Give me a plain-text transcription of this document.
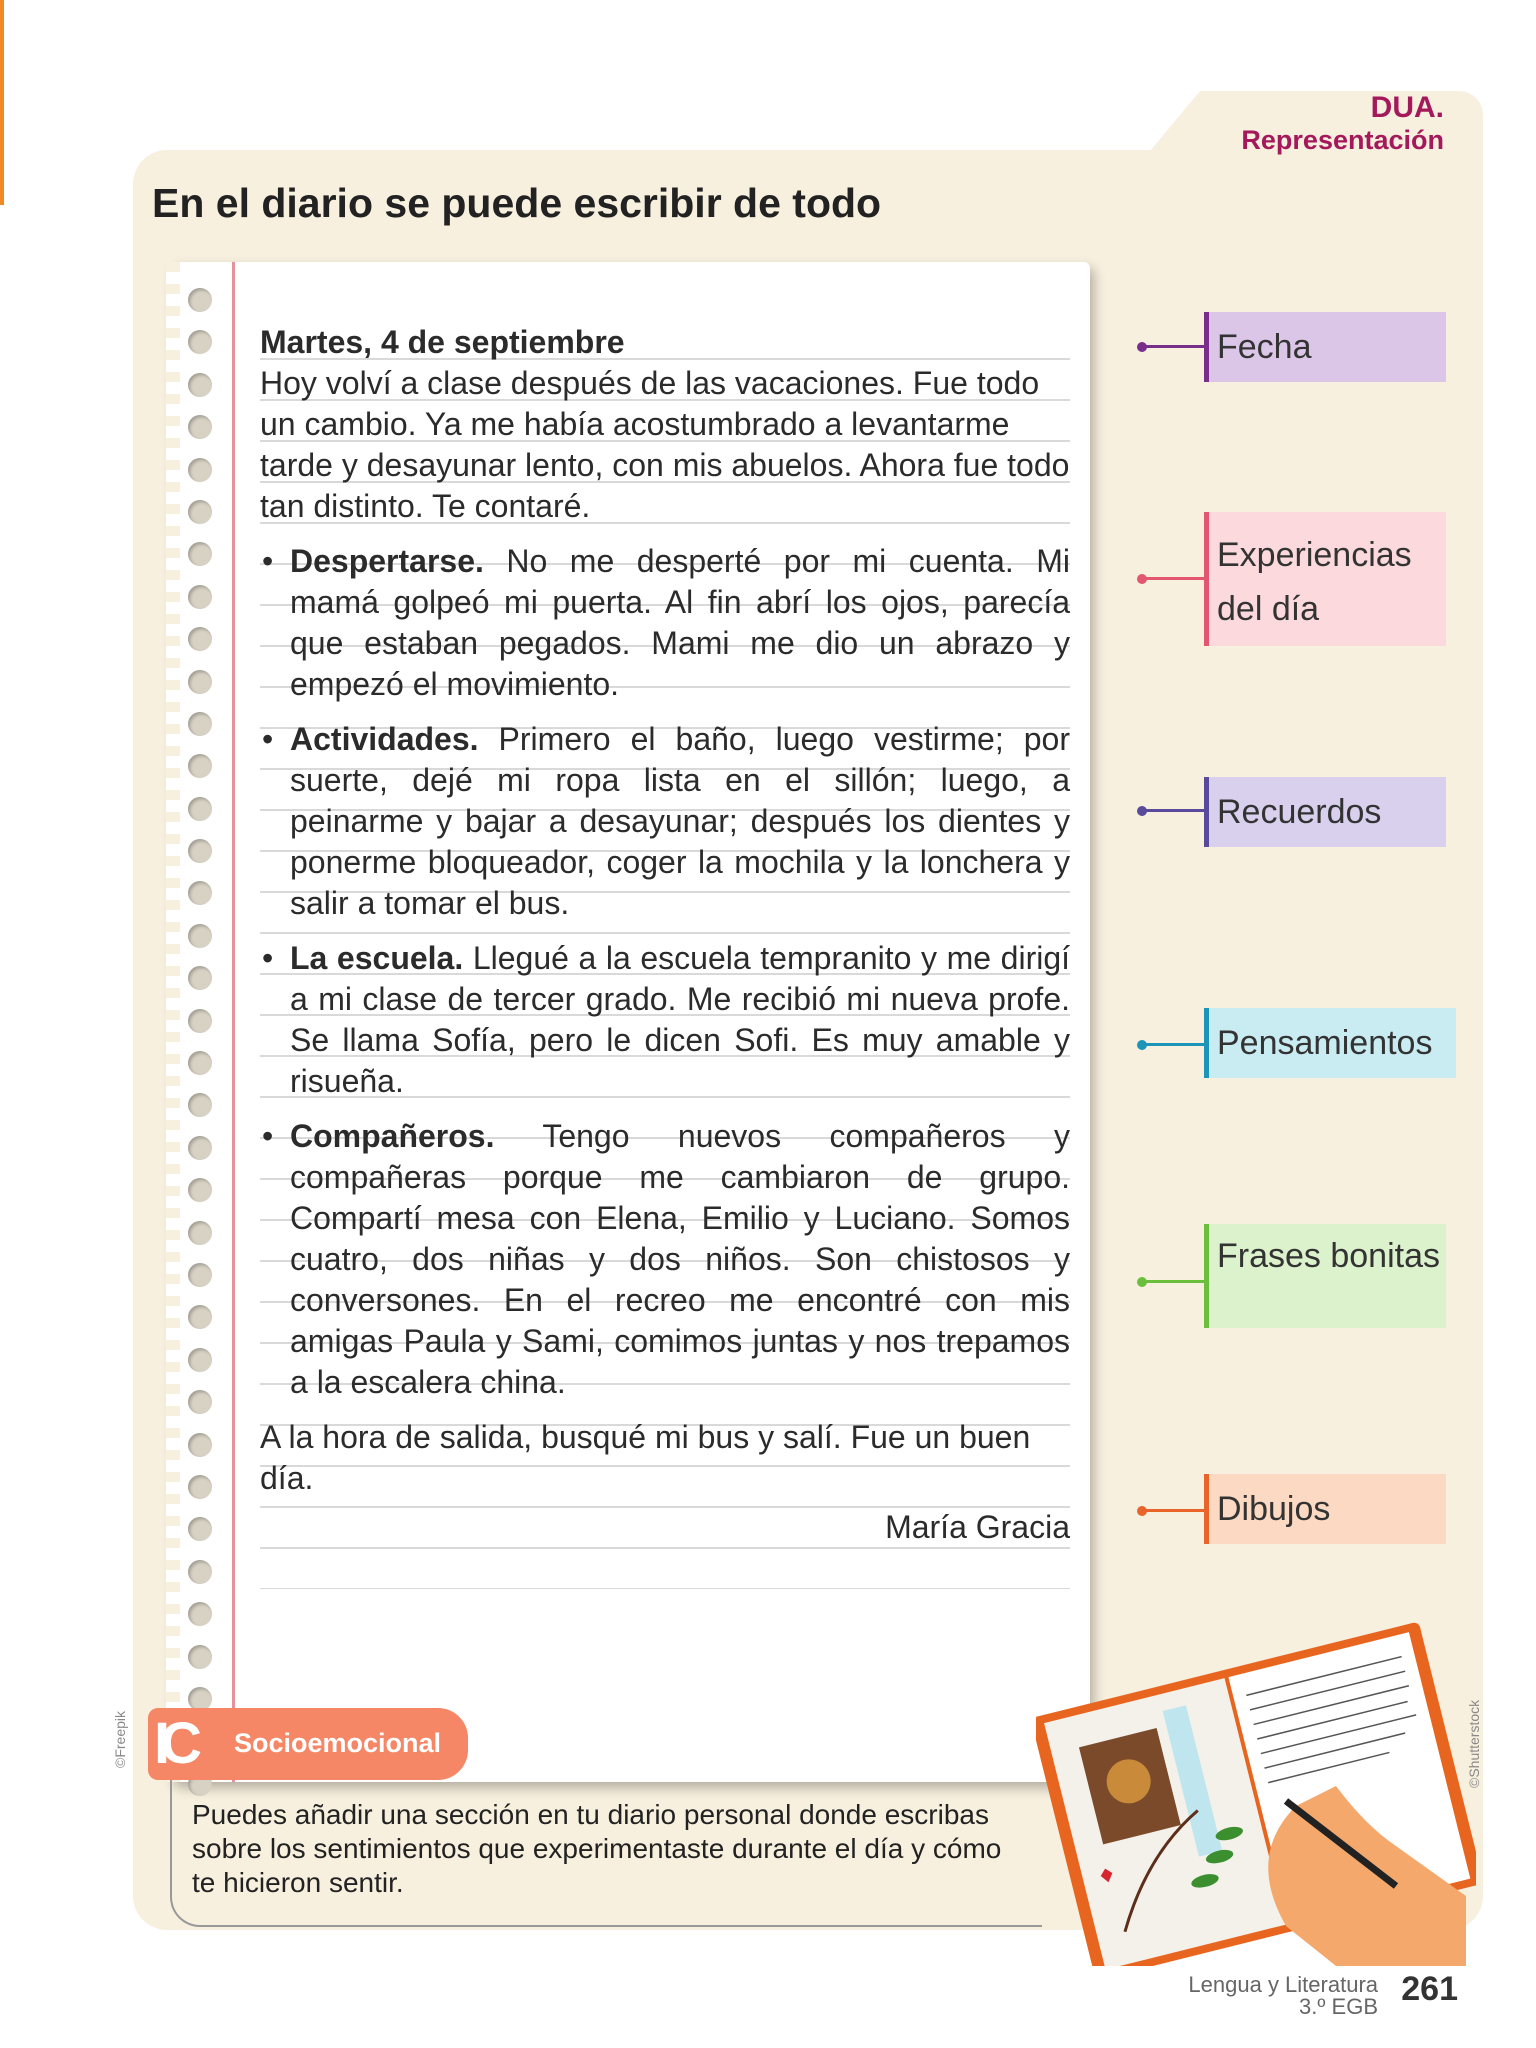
DUA.
Representación
En el diario se puede escribir de todo

Martes, 4 de septiembre

Hoy volví a clase después de las vacaciones. Fue todo un cambio. Ya me había acostumbrado a levantarme tarde y desayunar lento, con mis abuelos. Ahora fue todo tan distinto. Te contaré.

• Despertarse. No me desperté por mi cuenta. Mi mamá golpeó mi puerta. Al fin abrí los ojos, parecía que estaban pegados. Mami me dio un abrazo y empezó el movimiento.
• Actividades. Primero el baño, luego vestirme; por suerte, dejé mi ropa lista en el sillón; luego, a peinarme y bajar a desayunar; después los dientes y ponerme bloqueador, coger la mochila y la lonchera y salir a tomar el bus.
• La escuela. Llegué a la escuela tempranito y me dirigí a mi clase de tercer grado. Me recibió mi nueva profe. Se llama Sofía, pero le dicen Sofi. Es muy amable y risueña.
• Compañeros. Tengo nuevos compañeros y compañeras porque me cambiaron de grupo. Compartí mesa con Elena, Emilio y Luciano. Somos cuatro, dos niñas y dos niños. Son chistosos y conversones. En el recreo me encontré con mis amigas Paula y Sami, comimos juntas y nos trepamos a la escalera china.

A la hora de salida, busqué mi bus y salí. Fue un buen día.

María Gracia

Fecha
Experiencias del día
Recuerdos
Pensamientos
Frases bonitas
Dibujos
IC	Socioemocional
Puedes añadir una sección en tu diario personal donde escribas sobre los sentimientos que experimentaste durante el día y cómo te hicieron sentir.
©Freepik	©Shutterstock
Lengua y Literatura
3.º EGB 261
